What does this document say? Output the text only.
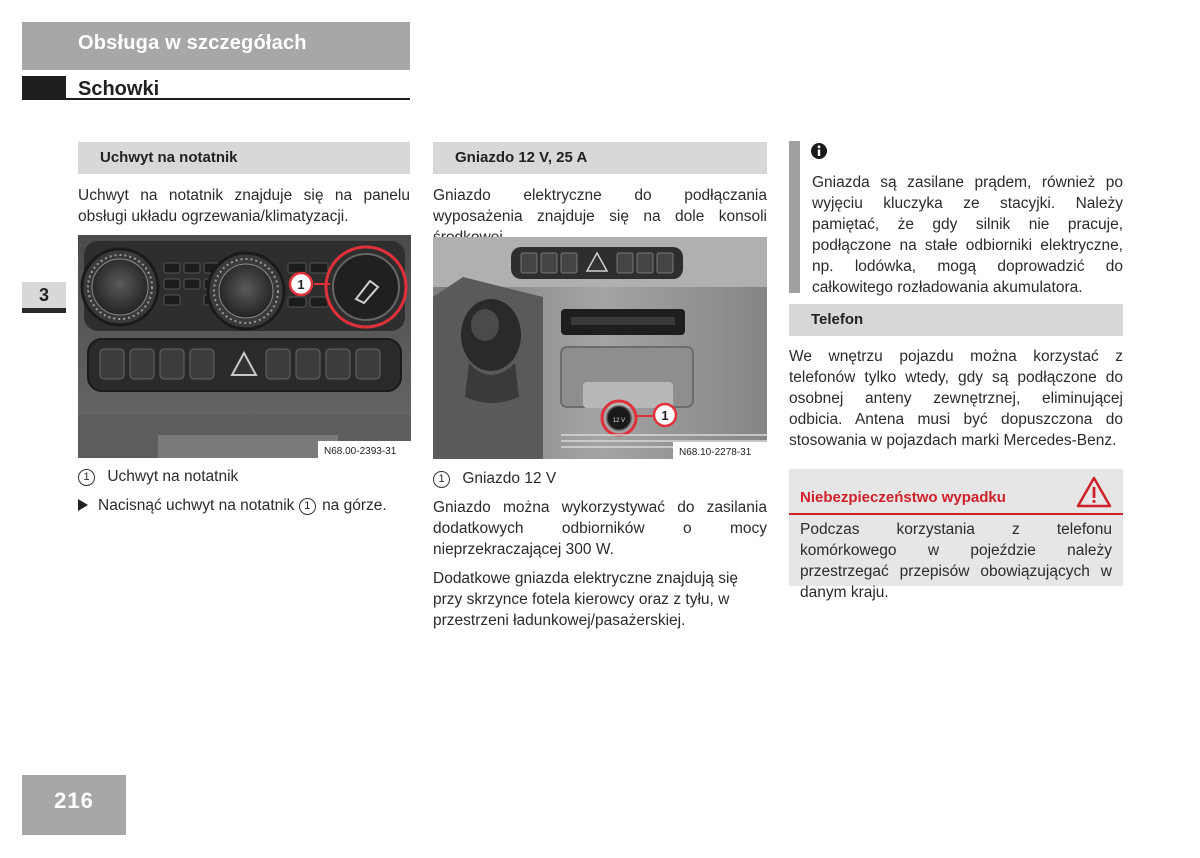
Obsługa w szczegółach
Schowki
3
216
Uchwyt na notatnik
Uchwyt na notatnik znajduje się na panelu obsługi układu ogrzewania/klimatyzacji.
1
N68.00-2393-31
1 Uchwyt na notatnik
Nacisnąć uchwyt na notatnik 1 na górze.
Gniazdo 12 V, 25 A
Gniazdo elektryczne do podłączania wyposażenia znajduje się na dole konsoli
12 V	1
N68.10-2278-31
1 Gniazdo 12 V
Gniazdo można wykorzystywać do zasilania dodatkowych odbiorników o mocy nieprzekraczającej 300 W.
Dodatkowe gniazda elektryczne znajdują się przy skrzynce fotela kierowcy oraz z tyłu, w przestrzeni ładunkowej/pasażerskiej.
Gniazda są zasilane prądem, również po wyjęciu kluczyka ze stacyjki. Należy pamiętać, że gdy silnik nie pracuje, podłączone na stałe odbiorniki elektryczne, np. lodówka, mogą doprowadzić do całkowitego rozładowania akumulatora.
Telefon
We wnętrzu pojazdu można korzystać z telefonów tylko wtedy, gdy są podłączone do osobnej anteny zewnętrznej, eliminującej odbicia. Antena musi być dopuszczona do stosowania w pojazdach marki Mercedes-Benz.
Niebezpieczeństwo wypadku
Podczas korzystania z telefonu komórkowego w pojeździe należy przestrzegać przepisów obowiązujących w danym kraju.
